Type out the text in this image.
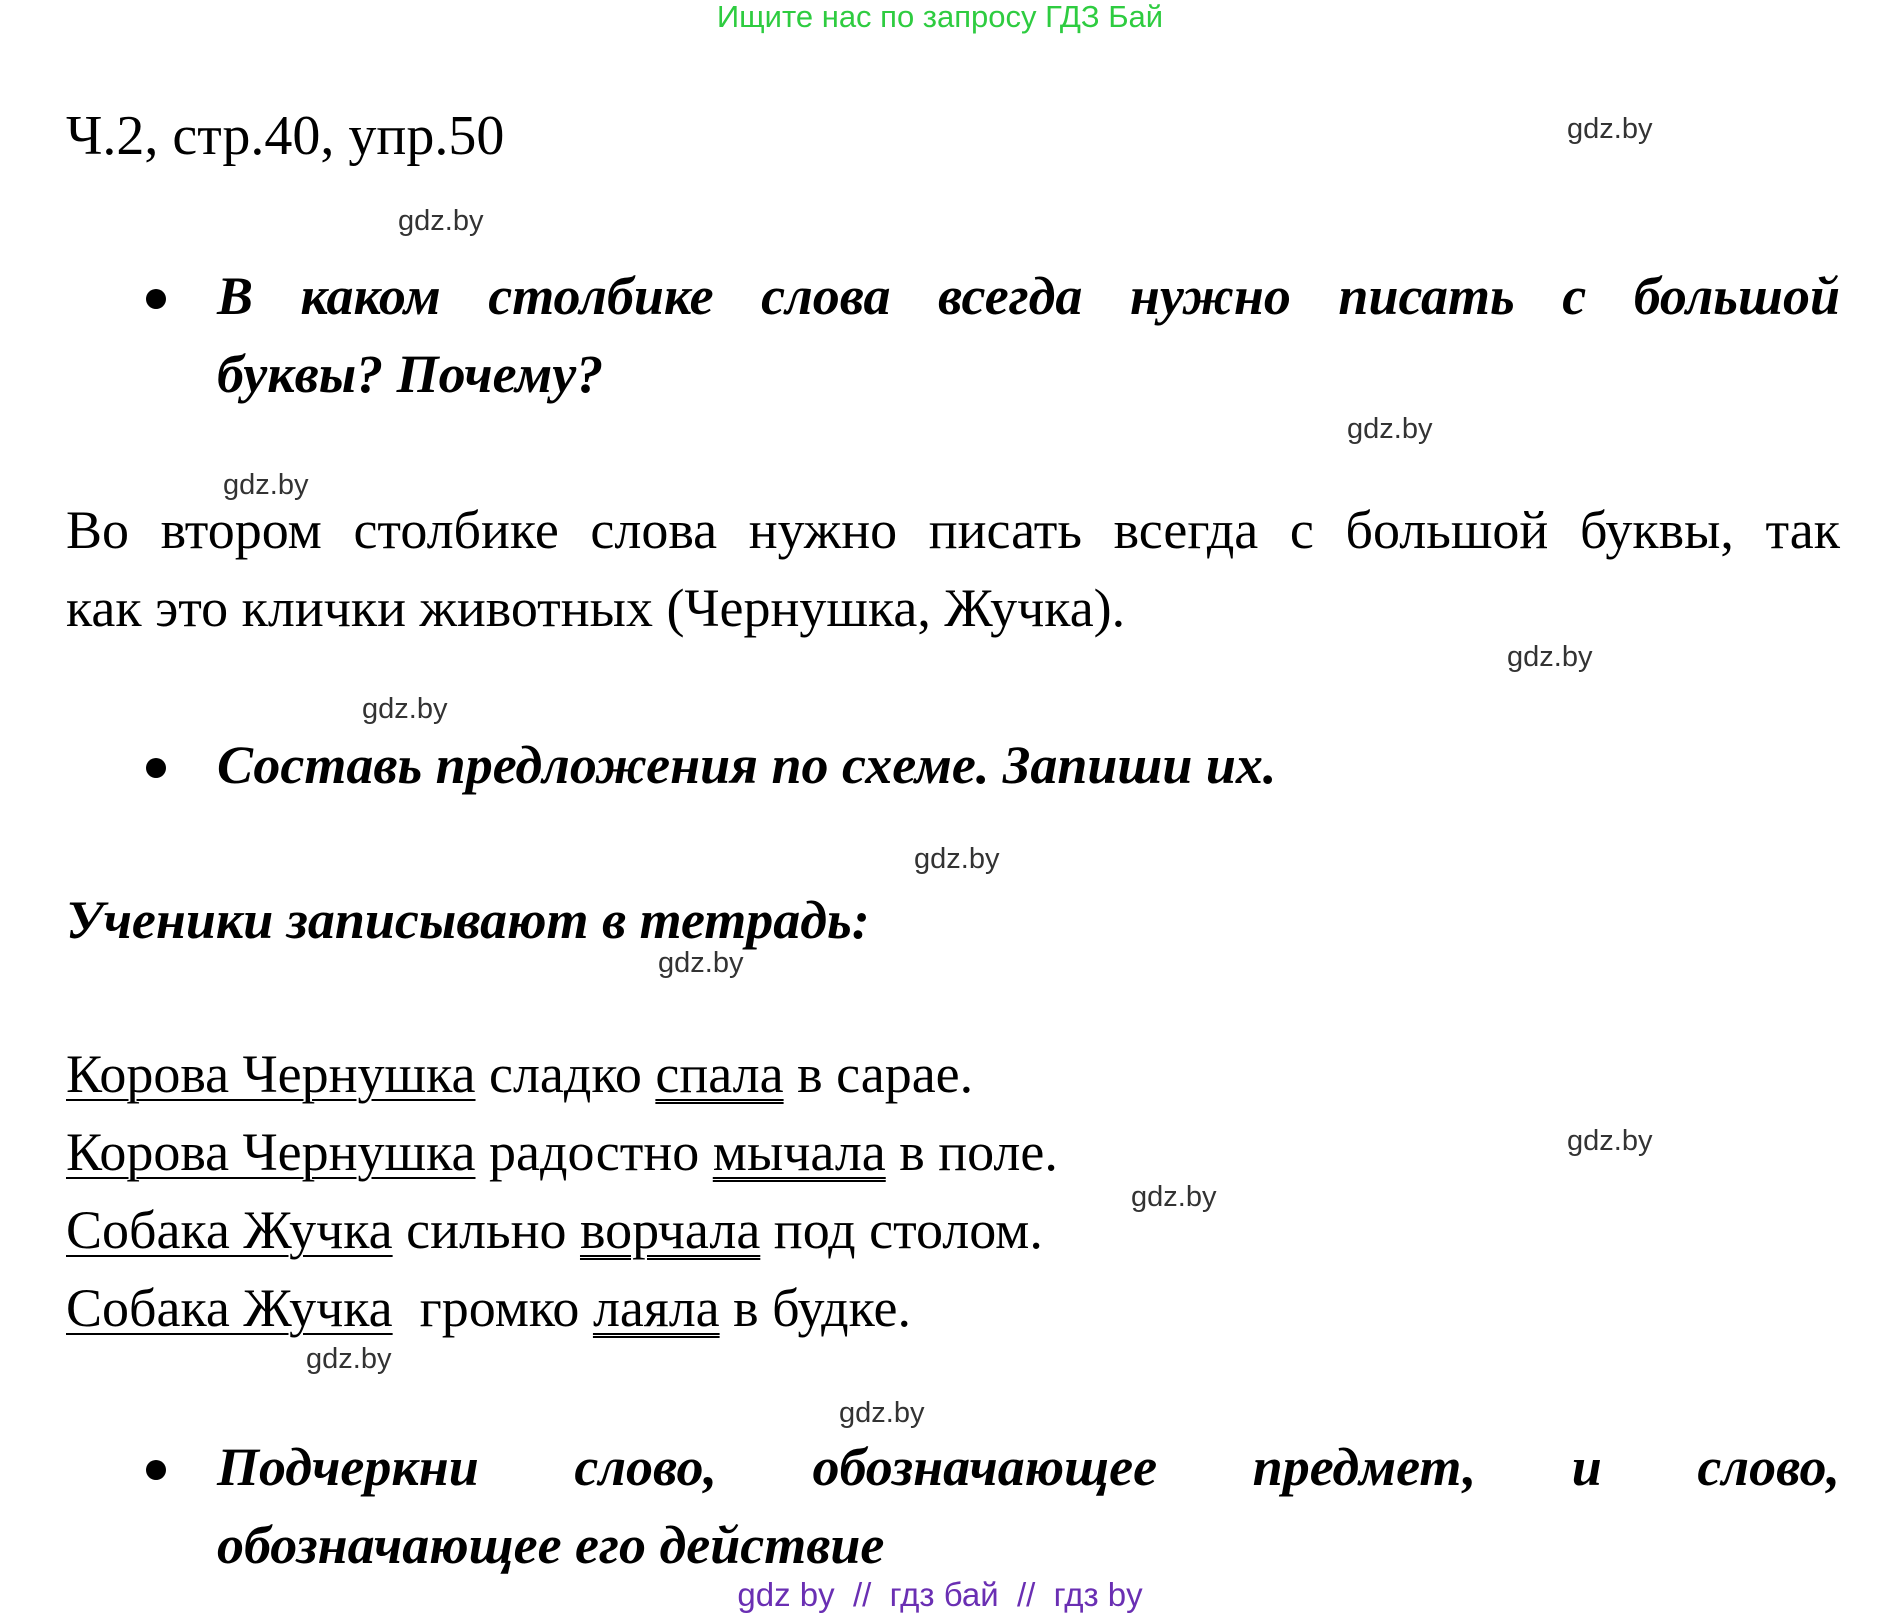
Ищите нас по запросу ГДЗ Бай
Ч.2, стр.40, упр.50	gdz.by
gdz.by
gdz.by
gdz.by
gdz.by
gdz.by
gdz.by
gdz.by
gdz.by
gdz.by
gdz.by
gdz.by
В каком столбике слова всегда нужно писать с большой
буквы? Почему?
Во втором столбике слова нужно писать всегда с большой буквы, так
как это клички животных (Чернушка, Жучка).
Составь предложения по схеме. Запиши их.
Ученики записывают в тетрадь:
Корова Чернушка сладко спала в сарае.
Корова Чернушка радостно мычала в поле.
Собака Жучка сильно ворчала под столом.
Собака Жучка  громко лаяла в будке.
Подчеркни слово, обозначающее предмет, и слово,
обозначающее его действие
gdz by  //  гдз бай  //  гдз by
